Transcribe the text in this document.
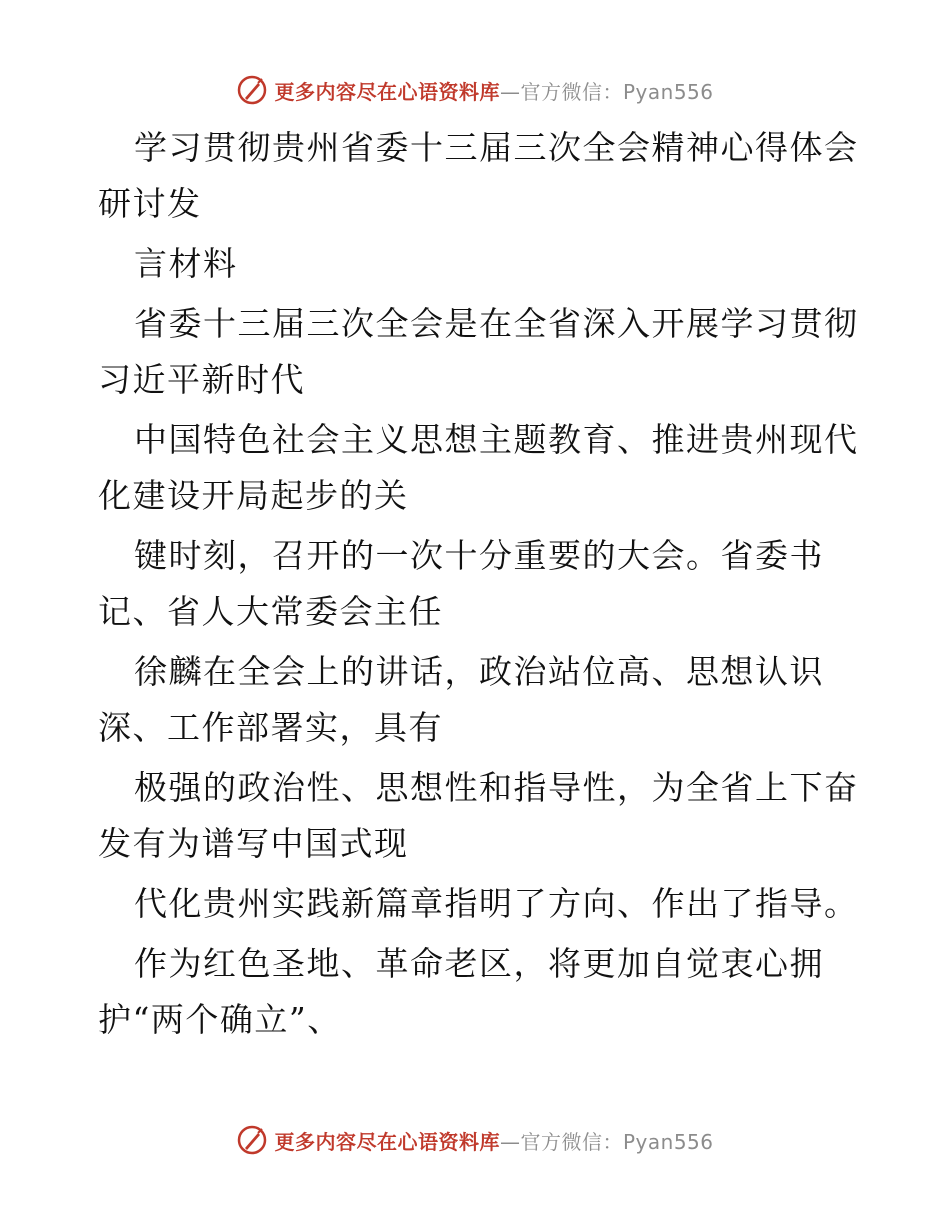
更多内容尽在心语资料库—官方微信：Pyan556
学习贯彻贵州省委十三届三次全会精神心得体会
研讨发
言材料
省委十三届三次全会是在全省深入开展学习贯彻
习近平新时代
中国特色社会主义思想主题教育、推进贵州现代
化建设开局起步的关
键时刻，召开的一次十分重要的大会。省委书
记、省人大常委会主任
徐麟在全会上的讲话，政治站位高、思想认识
深、工作部署实，具有
极强的政治性、思想性和指导性，为全省上下奋
发有为谱写中国式现
代化贵州实践新篇章指明了方向、作出了指导。
作为红色圣地、革命老区，将更加自觉衷心拥
护“两个确立”、
更多内容尽在心语资料库—官方微信：Pyan556
